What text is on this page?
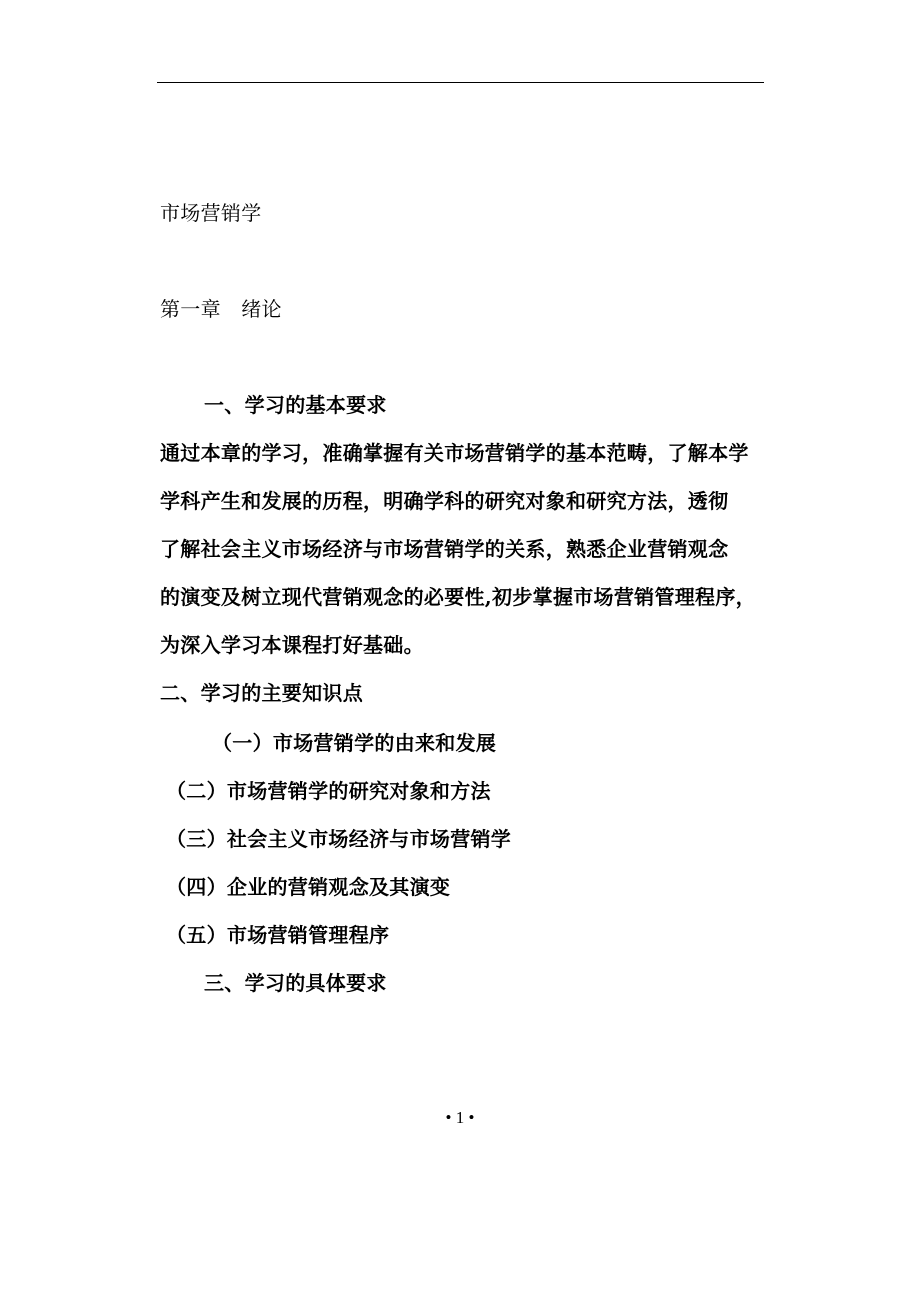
市场营销学
第一章　绪论
一、学习的基本要求
通过本章的学习，准确掌握有关市场营销学的基本范畴，了解本学
学科产生和发展的历程，明确学科的研究对象和研究方法，透彻
了解社会主义市场经济与市场营销学的关系，熟悉企业营销观念
的演变及树立现代营销观念的必要性,初步掌握市场营销管理程序，
为深入学习本课程打好基础。
二、学习的主要知识点
（一）市场营销学的由来和发展
（二）市场营销学的研究对象和方法
（三）社会主义市场经济与市场营销学
（四）企业的营销观念及其演变
（五）市场营销管理程序
三、学习的具体要求
• 1 •
